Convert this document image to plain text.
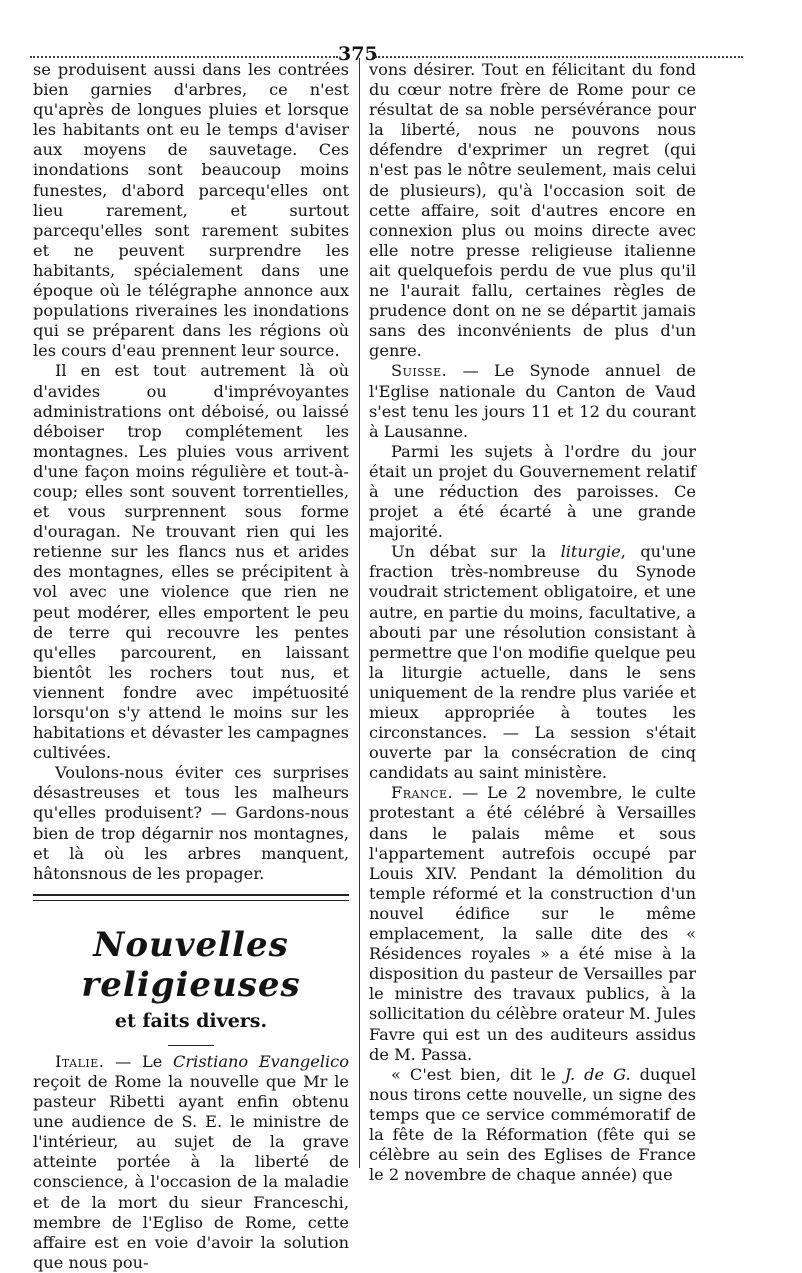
375

se produisent aussi dans les contrées bien garnies d'arbres, ce n'est qu'après de longues pluies et lorsque les habitants ont eu le temps d'aviser aux moyens de sauvetage. Ces inondations sont beaucoup moins funestes, d'abord parcequ'elles ont lieu rarement, et surtout parcequ'elles sont rarement subites et ne peuvent surprendre les habitants, spécialement dans une époque où le télégraphe annonce aux populations riveraines les inondations qui se préparent dans les régions où les cours d'eau prennent leur source.

Il en est tout autrement là où d'avides ou d'imprévoyantes administrations ont déboisé, ou laissé déboiser trop complétement les montagnes. Les pluies vous arrivent d'une façon moins régulière et tout-à-coup; elles sont souvent torrentielles, et vous surprennent sous forme d'ouragan. Ne trouvant rien qui les retienne sur les flancs nus et arides des montagnes, elles se précipitent à vol avec une violence que rien ne peut modérer, elles emportent le peu de terre qui recouvre les pentes qu'elles parcourent, en laissant bientôt les rochers tout nus, et viennent fondre avec impétuosité lorsqu'on s'y attend le moins sur les habitations et dévaster les campagnes cultivées.

Voulons-nous éviter ces surprises désastreuses et tous les malheurs qu'elles produisent? — Gardons-nous bien de trop dégarnir nos montagnes, et là où les arbres manquent, hâtonsnous de les propager.

Nouvelles religieuses
et faits divers.

Italie. — Le Cristiano Evangelico reçoit de Rome la nouvelle que Mr le pasteur Ribetti ayant enfin obtenu une audience de S. E. le ministre de l'intérieur, au sujet de la grave atteinte portée à la liberté de conscience, à l'occasion de la maladie et de la mort du sieur Franceschi, membre de l'Egliso de Rome, cette affaire est en voie d'avoir la solution que nous pou-

vons désirer. Tout en félicitant du fond du cœur notre frère de Rome pour ce résultat de sa noble persévérance pour la liberté, nous ne pouvons nous défendre d'exprimer un regret (qui n'est pas le nôtre seulement, mais celui de plusieurs), qu'à l'occasion soit de cette affaire, soit d'autres encore en connexion plus ou moins directe avec elle notre presse religieuse italienne ait quelquefois perdu de vue plus qu'il ne l'aurait fallu, certaines règles de prudence dont on ne se départit jamais sans des inconvénients de plus d'un genre.

Suisse. — Le Synode annuel de l'Eglise nationale du Canton de Vaud s'est tenu les jours 11 et 12 du courant à Lausanne.

Parmi les sujets à l'ordre du jour était un projet du Gouvernement relatif à une réduction des paroisses. Ce projet a été écarté à une grande majorité.

Un débat sur la liturgie, qu'une fraction très-nombreuse du Synode voudrait strictement obligatoire, et une autre, en partie du moins, facultative, a abouti par une résolution consistant à permettre que l'on modifie quelque peu la liturgie actuelle, dans le sens uniquement de la rendre plus variée et mieux appropriée à toutes les circonstances. — La session s'était ouverte par la consécration de cinq candidats au saint ministère.

France. — Le 2 novembre, le culte protestant a été célébré à Versailles dans le palais même et sous l'appartement autrefois occupé par Louis XIV. Pendant la démolition du temple réformé et la construction d'un nouvel édifice sur le même emplacement, la salle dite des « Résidences royales » a été mise à la disposition du pasteur de Versailles par le ministre des travaux publics, à la sollicitation du célèbre orateur M. Jules Favre qui est un des auditeurs assidus de M. Passa.

« C'est bien, dit le J. de G. duquel nous tirons cette nouvelle, un signe des temps que ce service commémoratif de la fête de la Réformation (fête qui se célèbre au sein des Eglises de France le 2 novembre de chaque année) que
